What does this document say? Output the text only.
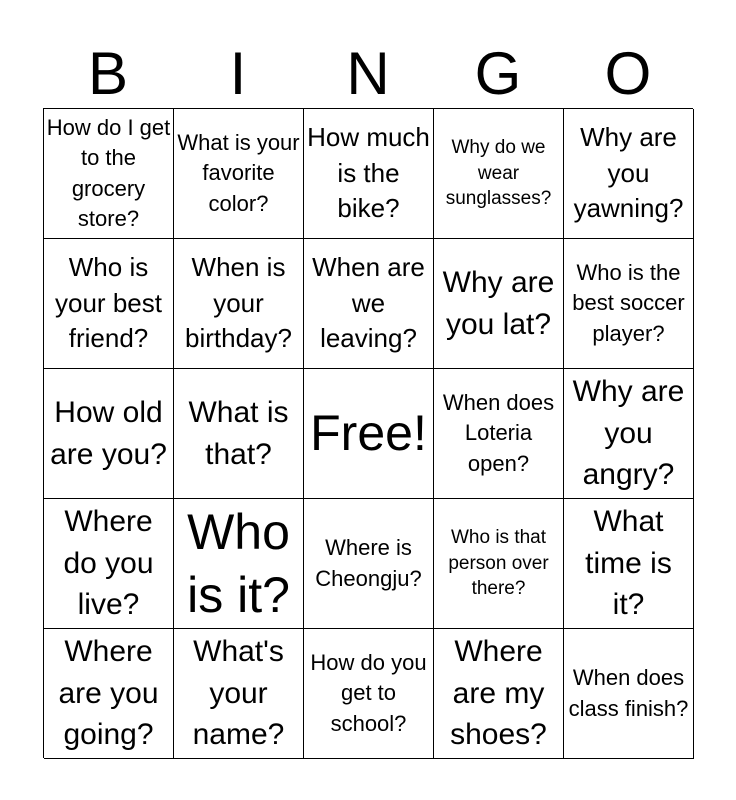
B	I	N	G	O
How do I get to the grocery store?
What is your favorite color?
How much is the bike?
Why do we wear sunglasses?
Why are you yawning?
Who is your best friend?
When is your birthday?
When are we leaving?
Why are you lat?
Who is the best soccer player?
How old are you?
What is that? Free!
When does Loteria open?
Why are you angry?
Where do you live?
Who is it?
Where is Cheongju?
Who is that person over there?
What time is it?
Where are you going?
What's your name?
How do you get to school?
Where are my shoes?
When does class finish?
